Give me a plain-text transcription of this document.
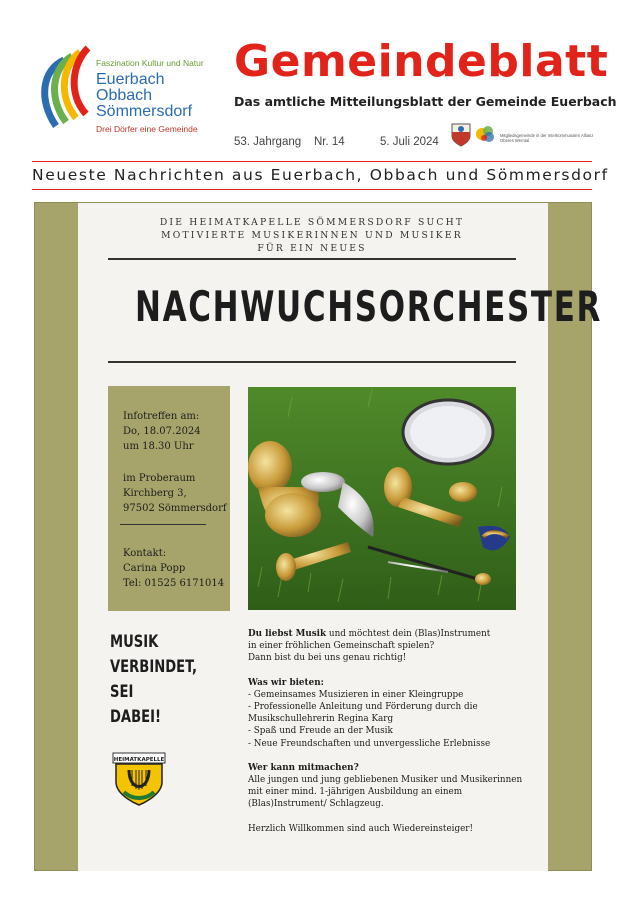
Faszination Kultur und Natur
Euerbach
Obbach
Sömmersdorf
Drei Dörfer eine Gemeinde
Gemeindeblatt
Das amtliche Mitteilungsblatt der Gemeinde Euerbach
53. Jahrgang Nr. 14	5. Juli 2024
Mitgliedsgemeinde in der Interkommunalen Allianz Oberes Werntal
Neueste Nachrichten aus Euerbach, Obbach und Sömmersdorf
DIE HEIMATKAPELLE SÖMMERSDORF SUCHT
MOTIVIERTE MUSIKERINNEN UND MUSIKER
FÜR EIN NEUES
NACHWUCHSORCHESTER
Infotreffen am:
Do, 18.07.2024
um 18.30 Uhr
im Proberaum
Kirchberg 3,
97502 Sömmersdorf
Kontakt:
Carina Popp
Tel: 01525 6171014
MUSIK
VERBINDET,
SEI
DABEI!
HEIMATKAPELLE

Du liebst Musik und möchtest dein (Blas)Instrument

in einer fröhlichen Gemeinschaft spielen?

Dann bist du bei uns genau richtig!

Was wir bieten:

- Gemeinsames Musizieren in einer Kleingruppe

- Professionelle Anleitung und Förderung durch die

Musikschullehrerin Regina Karg

- Spaß und Freude an der Musik

- Neue Freundschaften und unvergessliche Erlebnisse

Wer kann mitmachen?

Alle jungen und jung gebliebenen Musiker und Musikerinnen

mit einer mind. 1-jährigen Ausbildung an einem

(Blas)Instrument/ Schlagzeug.

Herzlich Willkommen sind auch Wiedereinsteiger!
